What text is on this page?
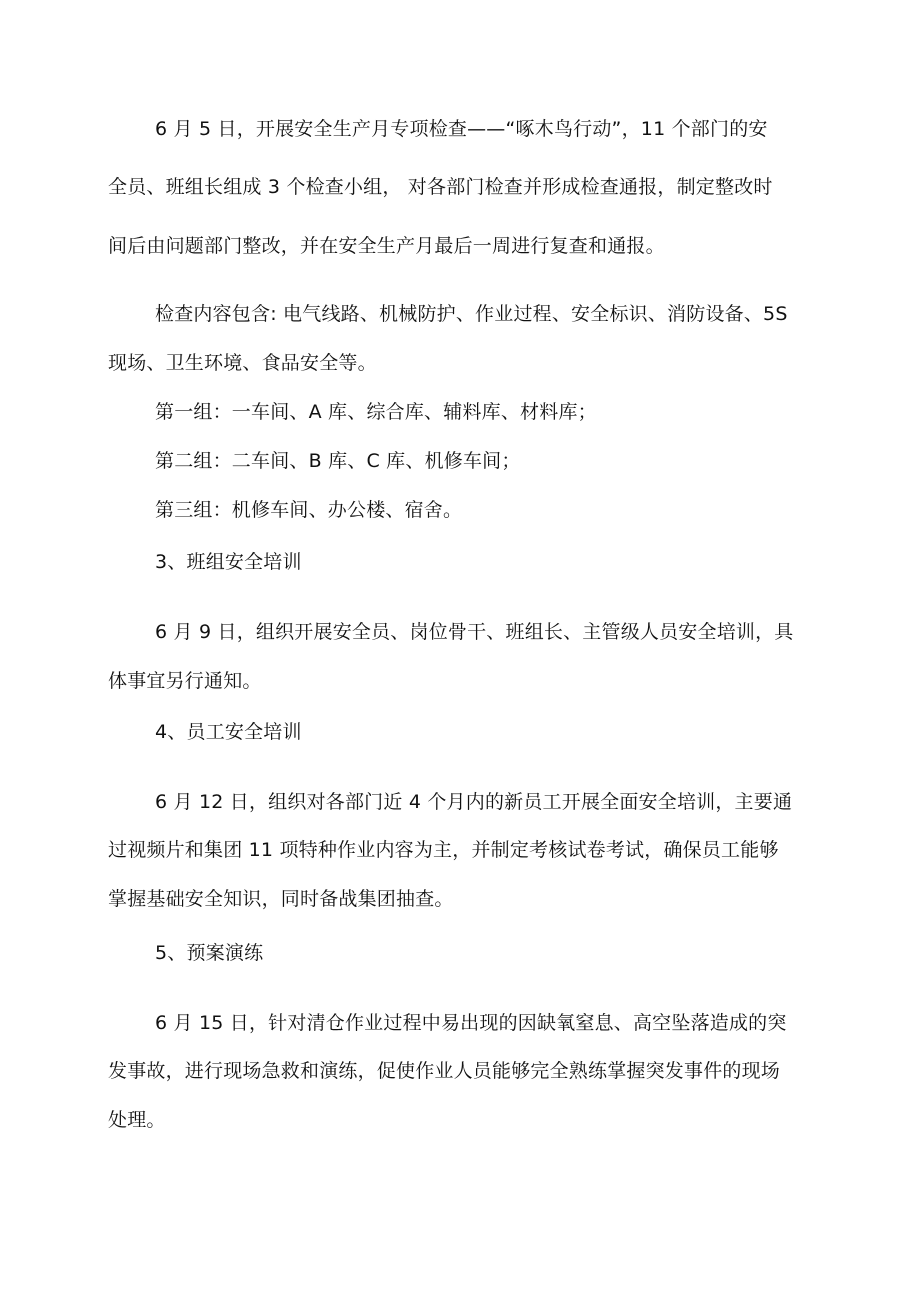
6 月 5 日，开展安全生产月专项检查——“啄木鸟行动”，11 个部门的安
全员、班组长组成 3 个检查小组， 对各部门检查并形成检查通报，制定整改时
间后由问题部门整改，并在安全生产月最后一周进行复查和通报。
检查内容包含: 电气线路、机械防护、作业过程、安全标识、消防设备、5S
现场、卫生环境、食品安全等。
第一组：一车间、A 库、综合库、辅料库、材料库；
第二组：二车间、B 库、C 库、机修车间；
第三组：机修车间、办公楼、宿舍。
3、班组安全培训
6 月 9 日，组织开展安全员、岗位骨干、班组长、主管级人员安全培训，具
体事宜另行通知。
4、员工安全培训
6 月 12 日，组织对各部门近 4 个月内的新员工开展全面安全培训，主要通
过视频片和集团 11 项特种作业内容为主，并制定考核试卷考试，确保员工能够
掌握基础安全知识，同时备战集团抽查。
5、预案演练
6 月 15 日，针对清仓作业过程中易出现的因缺氧窒息、高空坠落造成的突
发事故，进行现场急救和演练，促使作业人员能够完全熟练掌握突发事件的现场
处理。
